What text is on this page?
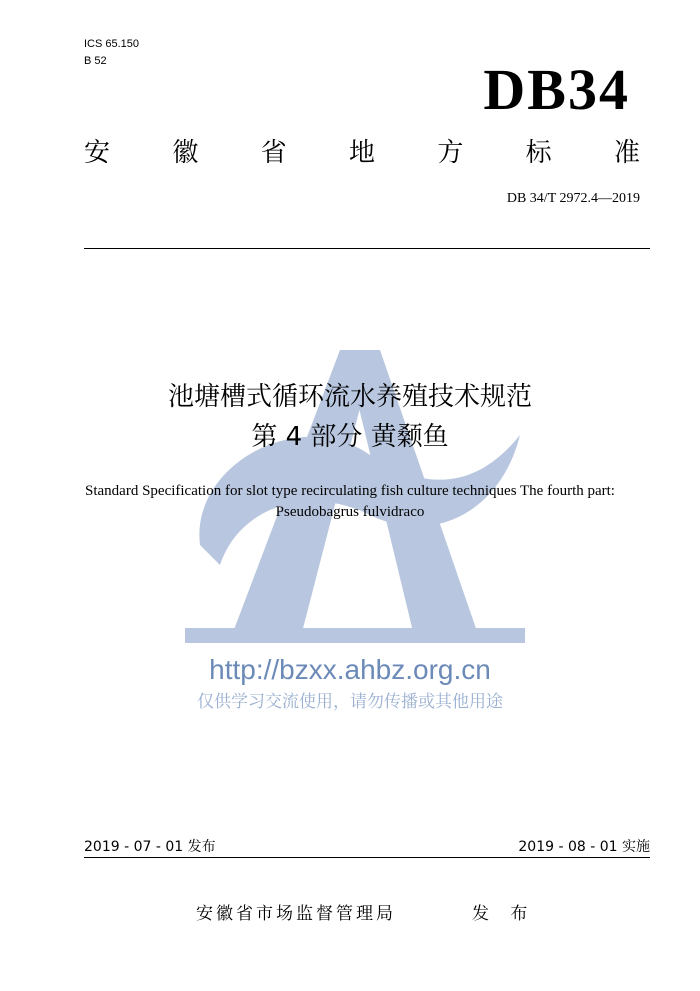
ICS 65.150
B 52	DB34
安 徽 省 地 方 标 准
DB 34/T 2972.4—2019
池塘槽式循环流水养殖技术规范
第 4 部分 黄颡鱼
Standard Specification for slot type recirculating fish culture techniques The fourth part: Pseudobagrus fulvidraco
http://bzxx.ahbz.org.cn
仅供学习交流使用，请勿传播或其他用途
2019 - 07 - 01 发布	2019 - 08 - 01 实施
安徽省市场监督管理局	发 布
